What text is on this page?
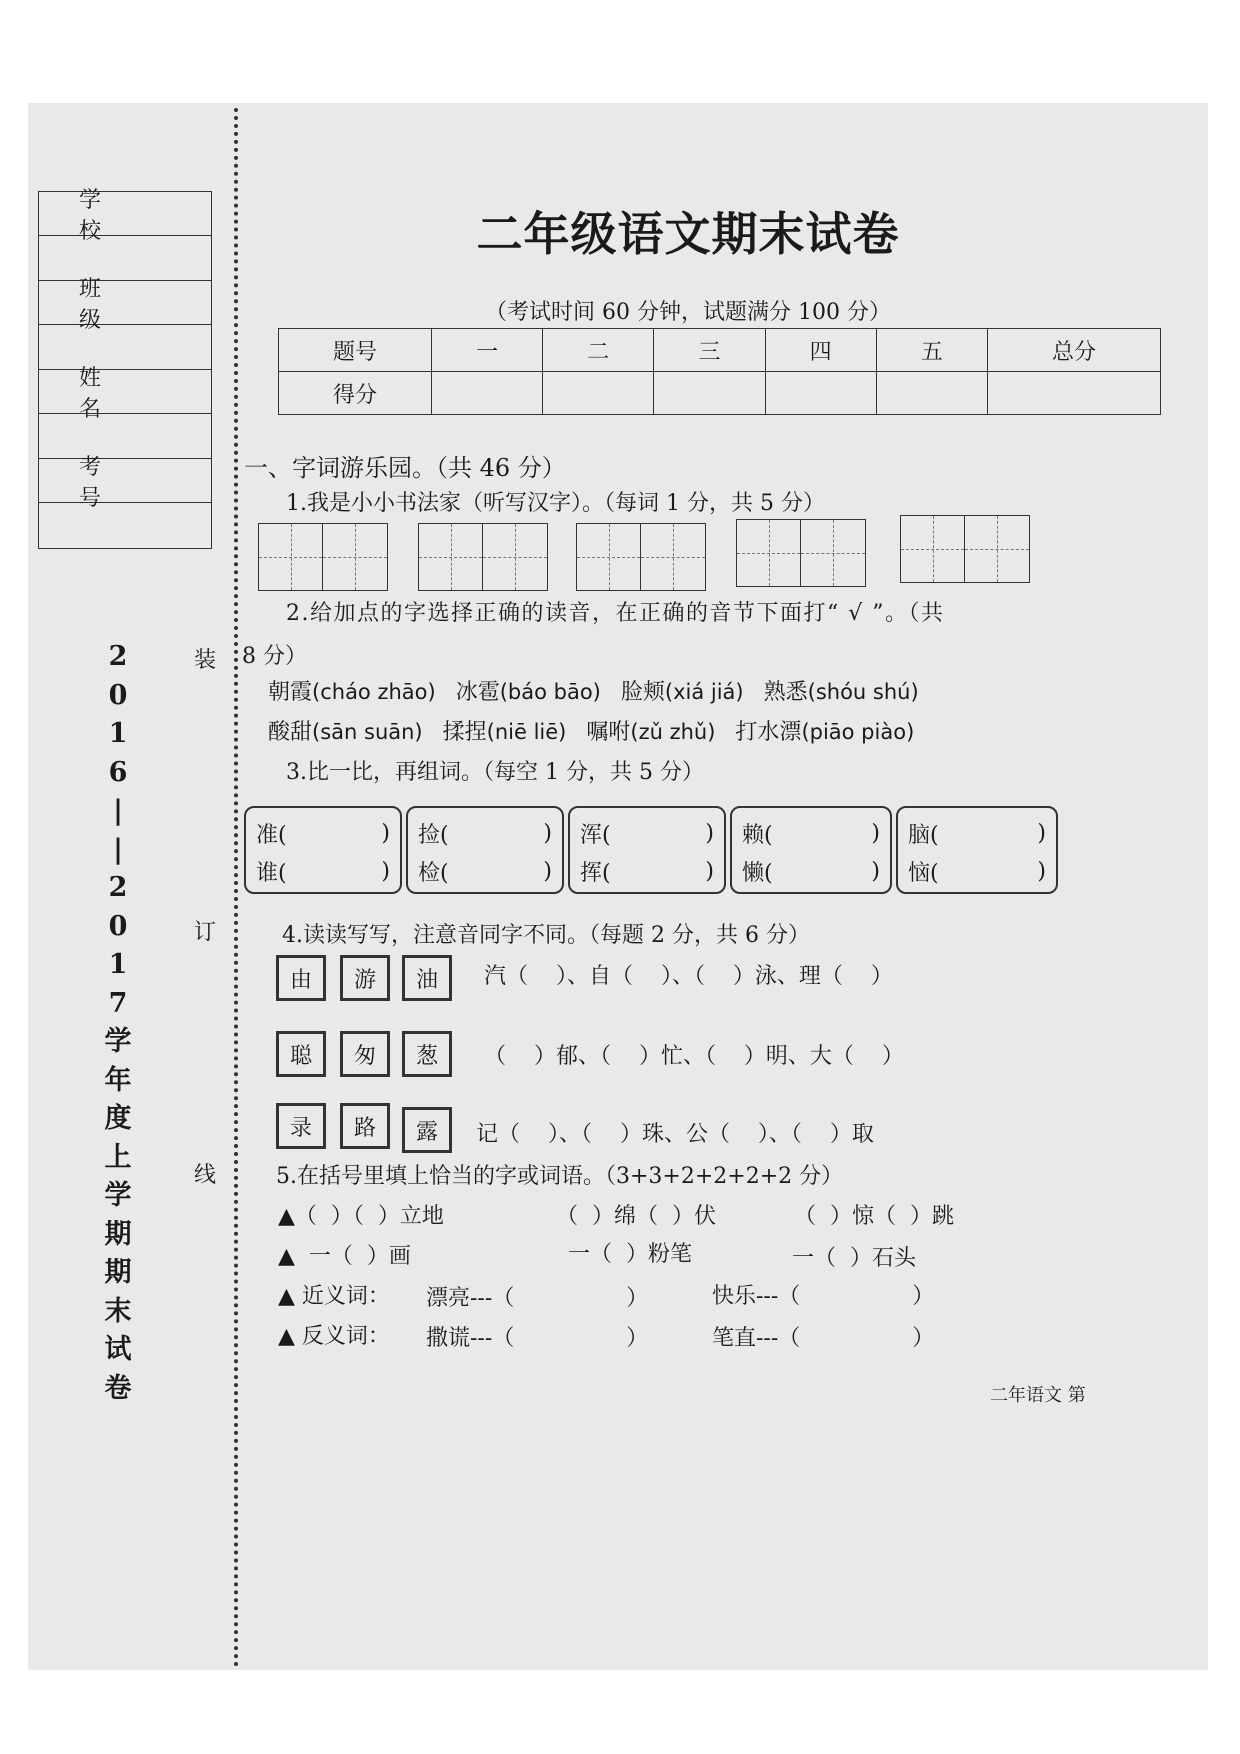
学 校
班 级
姓 名
考 号
2
0
1
6
|
|
2
0
1
7
学
年
度
上
学
期
期
末
试
卷
装
订
线
二年级语文期末试卷
（考试时间 60 分钟，试题满分 100 分）
题号	一	二	三	四	五	总分
得分						
一、字词游乐园。（共 46 分）
1.我是小小书法家（听写汉字）。（每词 1 分，共 5 分）
2.给加点的字选择正确的读音，在正确的音节下面打“ √ ”。（共
8 分）
朝霞(cháo zhāo) 冰雹(báo bāo) 脸颊(xiá jiá) 熟悉(shóu shú)
酸甜(sān suān) 揉捏(niē liē) 嘱咐(zǔ zhǔ) 打水漂(piāo piào)
3.比一比，再组词。（每空 1 分，共 5 分）
准(	)
谁(	)
捡(	)
检(	)
浑(	)
挥(	)
赖(	)
懒(	)
脑(	)
恼(	)
4.读读写写，注意音同字不同。（每题 2 分，共 6 分）
由	游	油	汽（    ）、自（    ）、（    ）泳、理（    ）
聪	匆	葱	（    ）郁、（    ）忙、（    ）明、大（    ）
录	路	露	记（    ）、（    ）珠、公（    ）、（    ）取
5.在括号里填上恰当的字或词语。（3+3+2+2+2+2 分）
▲（  ）（  ）立地	（  ）绵（  ）伏	（  ）惊（  ）跳
▲  一（  ）画	一（  ）粉笔	一（  ）石头
▲ 近义词： 漂亮---（                ）	快乐---（                ）
▲ 反义词： 撒谎---（                ）	笔直---（                ）
二年语文 第
